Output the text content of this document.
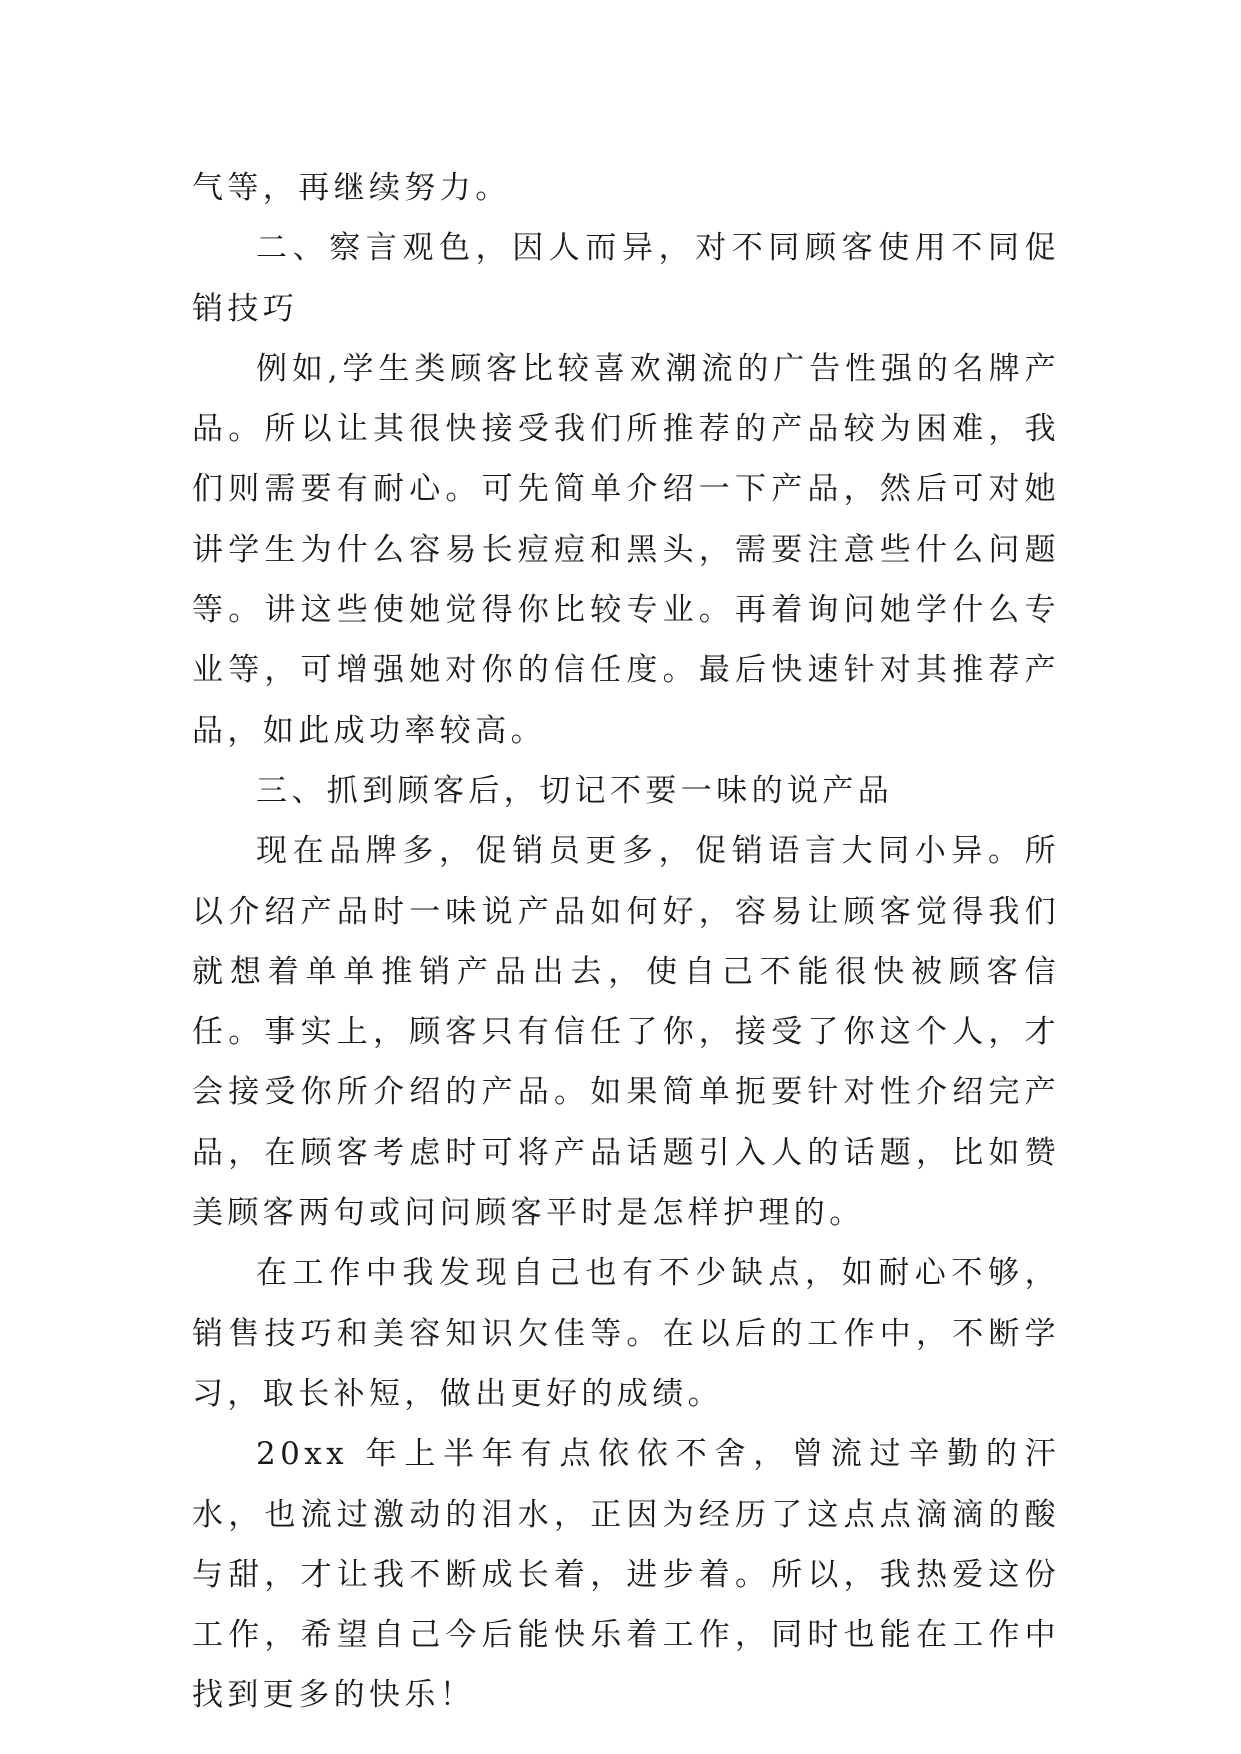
气等，再继续努力。

二、察言观色，因人而异，对不同顾客使用不同促销技巧

例如,学生类顾客比较喜欢潮流的广告性强的名牌产品。所以让其很快接受我们所推荐的产品较为困难，我们则需要有耐心。可先简单介绍一下产品，然后可对她讲学生为什么容易长痘痘和黑头，需要注意些什么问题等。讲这些使她觉得你比较专业。再着询问她学什么专业等，可增强她对你的信任度。最后快速针对其推荐产品，如此成功率较高。

三、抓到顾客后，切记不要一味的说产品

现在品牌多，促销员更多，促销语言大同小异。所以介绍产品时一味说产品如何好，容易让顾客觉得我们就想着单单推销产品出去，使自己不能很快被顾客信任。事实上，顾客只有信任了你，接受了你这个人，才会接受你所介绍的产品。如果简单扼要针对性介绍完产品，在顾客考虑时可将产品话题引入人的话题，比如赞美顾客两句或问问顾客平时是怎样护理的。

在工作中我发现自己也有不少缺点，如耐心不够，销售技巧和美容知识欠佳等。在以后的工作中，不断学习，取长补短，做出更好的成绩。

20xx 年上半年有点依依不舍，曾流过辛勤的汗水，也流过激动的泪水，正因为经历了这点点滴滴的酸与甜，才让我不断成长着，进步着。所以，我热爱这份工作，希望自己今后能快乐着工作，同时也能在工作中找到更多的快乐！
